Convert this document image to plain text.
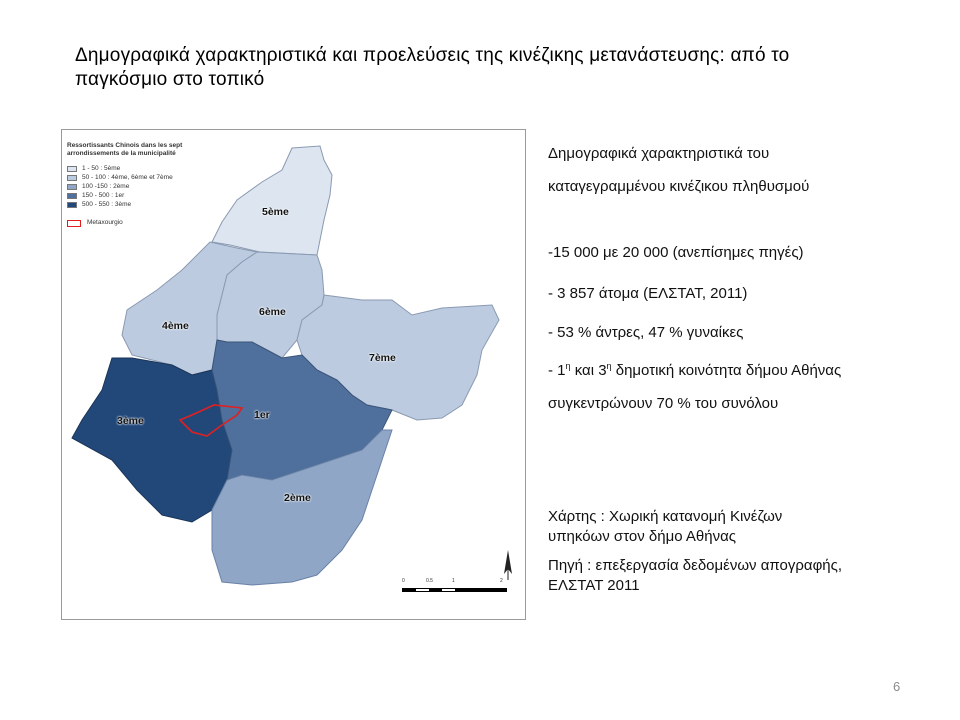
Δημογραφικά χαρακτηριστικά και προελεύσεις της κινέζικης μετανάστευσης: από το
παγκόσμιο στο τοπικό
Ressortissants Chinois dans les sept
arrondissements de la municipalité
1 - 50 : 5ème
50 - 100 : 4ème, 6ème et 7ème
100 -150 : 2ème
150 - 500 : 1er
500 - 550 : 3ème
Metaxourgio
5ème
4ème
6ème
7ème
3ème	1er
2ème
0	0.5	1	2
Δημογραφικά χαρακτηριστικά του
καταγεγραμμένου κινέζικου πληθυσμού
-15 000 με 20 000 (ανεπίσημες πηγές)
- 3 857 άτομα (ΕΛΣΤΑΤ, 2011)
- 53 % άντρες, 47 % γυναίκες
- $1^\eta$ και $3^\eta$ δημοτική κοινότητα δήμου Αθήνας
συγκεντρώνουν 70 % του συνόλου
Χάρτης : Χωρική κατανομή Κινέζων
υπηκόων στον δήμο Αθήνας
Πηγή : επεξεργασία δεδομένων απογραφής,
ΕΛΣΤΑΤ 2011
6
